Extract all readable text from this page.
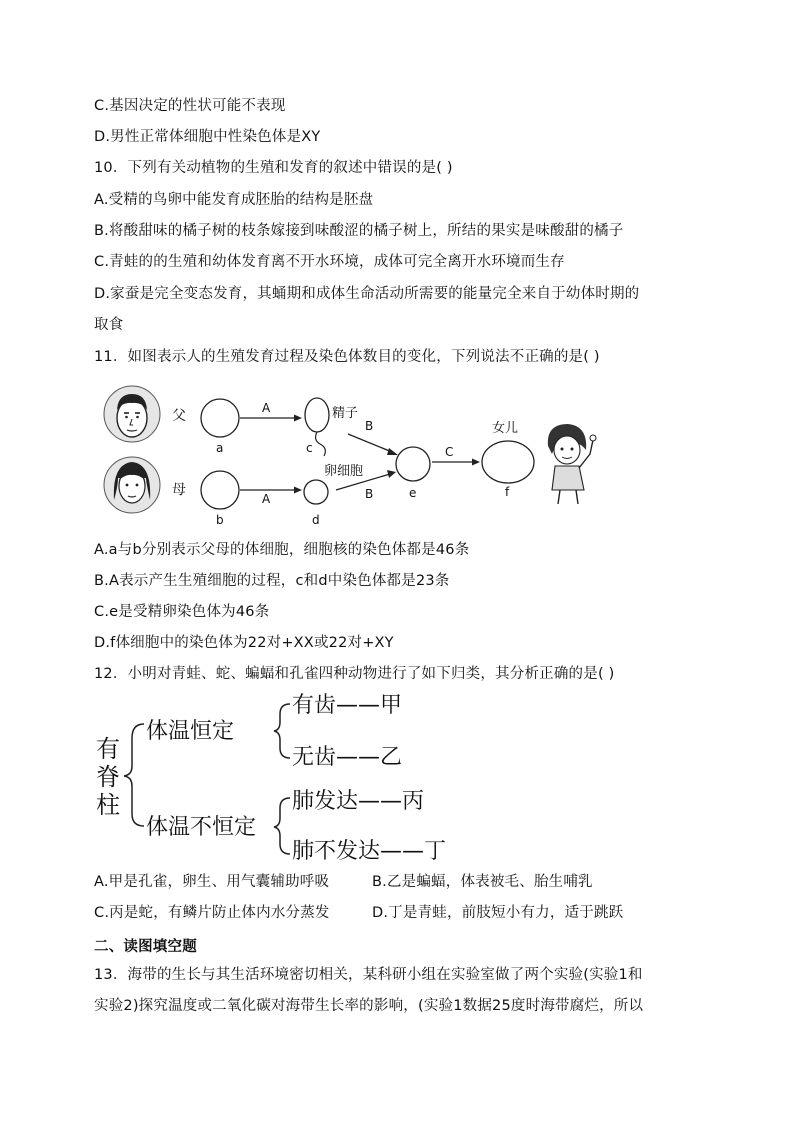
C.基因决定的性状可能不表现
D.男性正常体细胞中性染色体是XY
10．下列有关动植物的生殖和发育的叙述中错误的是( )
A.受精的鸟卵中能发育成胚胎的结构是胚盘
B.将酸甜味的橘子树的枝条嫁接到味酸涩的橘子树上，所结的果实是味酸甜的橘子
C.青蛙的的生殖和幼体发育离不开水环境，成体可完全离开水环境而生存
D.家蚕是完全变态发育，其蛹期和成体生命活动所需要的能量完全来自于幼体时期的
取食
11．如图表示人的生殖发育过程及染色体数目的变化，下列说法不正确的是( )
父
母
a
A
c
精子
b
A
d
卵细胞
B
B	e
C
f
女儿
A.a与b分别表示父母的体细胞，细胞核的染色体都是46条
B.A表示产生生殖细胞的过程，c和d中染色体都是23条
C.e是受精卵染色体为46条
D.f体细胞中的染色体为22对+XX或22对+XY
12．小明对青蛙、蛇、蝙蝠和孔雀四种动物进行了如下归类，其分析正确的是( )
有
脊
柱
体温恒定
体温不恒定
有齿——甲
无齿——乙
肺发达——丙
肺不发达——丁
A.甲是孔雀，卵生、用气囊辅助呼吸	B.乙是蝙蝠，体表被毛、胎生哺乳
C.丙是蛇，有鳞片防止体内水分蒸发	D.丁是青蛙，前肢短小有力，适于跳跃
二、读图填空题
13．海带的生长与其生活环境密切相关，某科研小组在实验室做了两个实验(实验1和
实验2)探究温度或二氧化碳对海带生长率的影响，(实验1数据25度时海带腐烂，所以
